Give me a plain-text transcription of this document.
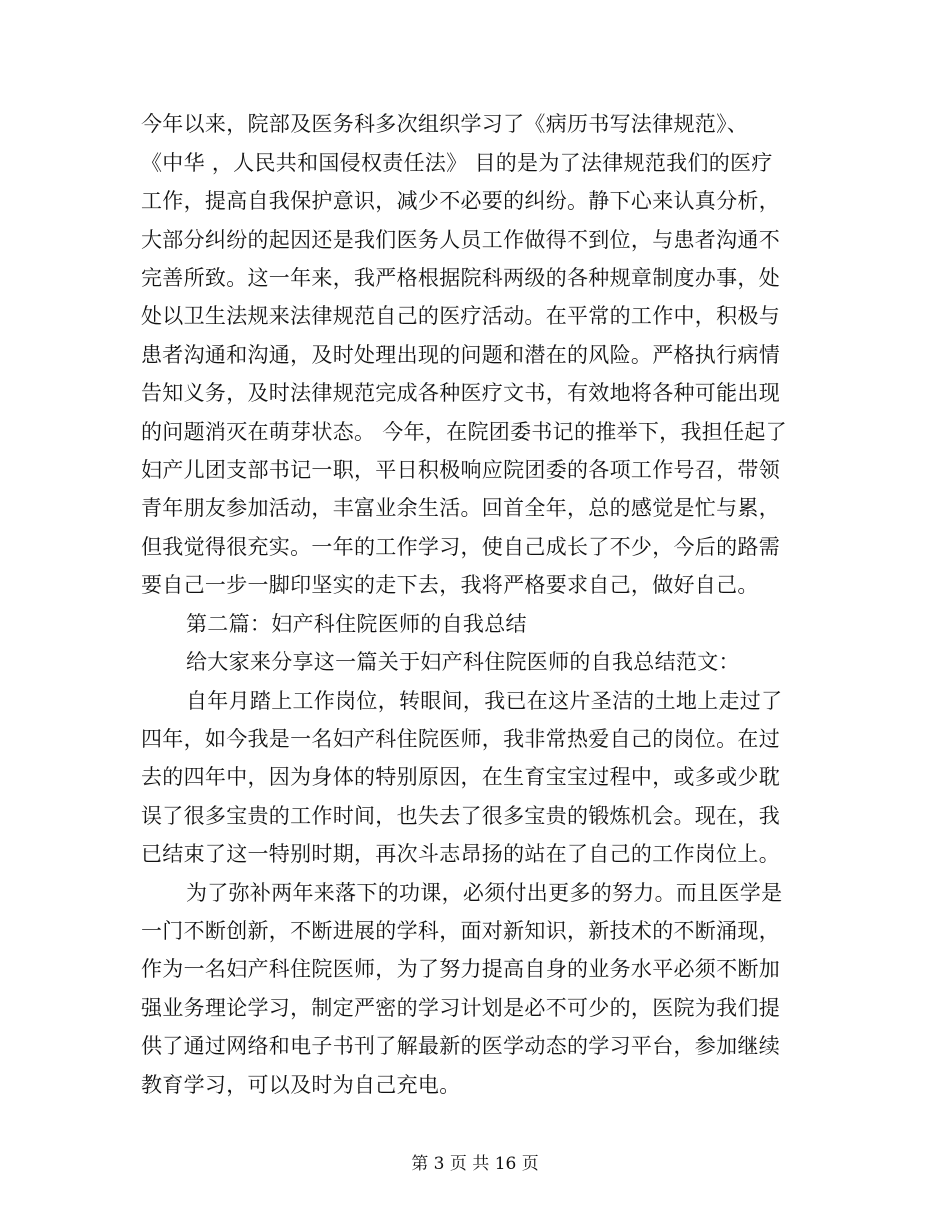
今年以来，院部及医务科多次组织学习了《病历书写法律规范》、
《中华 ，人民共和国侵权责任法》 目的是为了法律规范我们的医疗
工作，提高自我保护意识，减少不必要的纠纷。静下心来认真分析，
大部分纠纷的起因还是我们医务人员工作做得不到位，与患者沟通不
完善所致。这一年来，我严格根据院科两级的各种规章制度办事，处
处以卫生法规来法律规范自己的医疗活动。在平常的工作中，积极与
患者沟通和沟通，及时处理出现的问题和潜在的风险。严格执行病情
告知义务，及时法律规范完成各种医疗文书，有效地将各种可能出现
的问题消灭在萌芽状态。 今年，在院团委书记的推举下，我担任起了
妇产儿团支部书记一职，平日积极响应院团委的各项工作号召，带领
青年朋友参加活动，丰富业余生活。回首全年，总的感觉是忙与累，
但我觉得很充实。一年的工作学习，使自己成长了不少，今后的路需
要自己一步一脚印坚实的走下去，我将严格要求自己，做好自己。
第二篇：妇产科住院医师的自我总结
给大家来分享这一篇关于妇产科住院医师的自我总结范文：
自年月踏上工作岗位，转眼间，我已在这片圣洁的土地上走过了
四年，如今我是一名妇产科住院医师，我非常热爱自己的岗位。在过
去的四年中，因为身体的特别原因，在生育宝宝过程中，或多或少耽
误了很多宝贵的工作时间，也失去了很多宝贵的锻炼机会。现在，我
已结束了这一特别时期，再次斗志昂扬的站在了自己的工作岗位上。
为了弥补两年来落下的功课，必须付出更多的努力。而且医学是
一门不断创新，不断进展的学科，面对新知识，新技术的不断涌现，
作为一名妇产科住院医师，为了努力提高自身的业务水平必须不断加
强业务理论学习，制定严密的学习计划是必不可少的，医院为我们提
供了通过网络和电子书刊了解最新的医学动态的学习平台，参加继续
教育学习，可以及时为自己充电。
第 3 页 共 16 页
